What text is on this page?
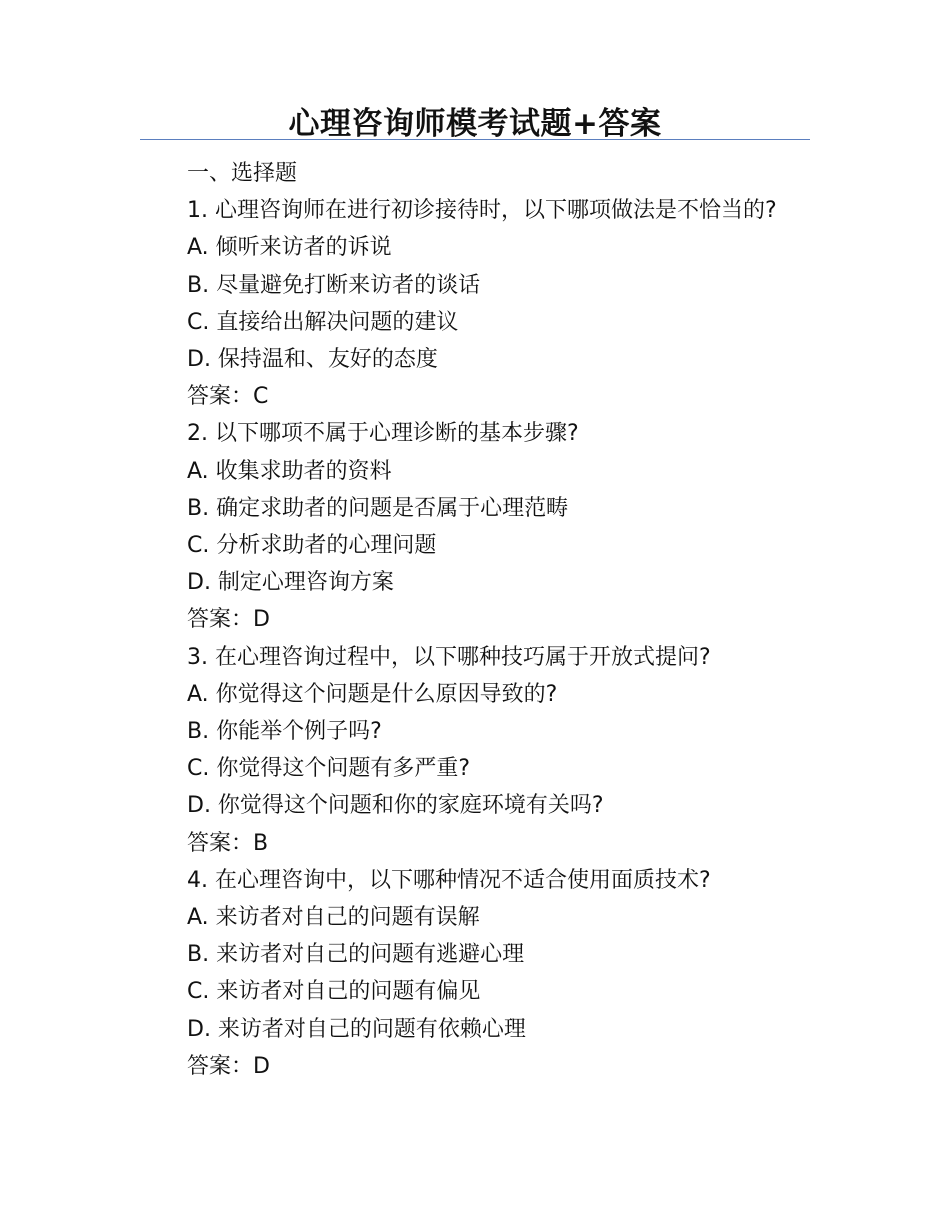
心理咨询师模考试题+答案
一、选择题
1. 心理咨询师在进行初诊接待时，以下哪项做法是不恰当的?
A. 倾听来访者的诉说
B. 尽量避免打断来访者的谈话
C. 直接给出解决问题的建议
D. 保持温和、友好的态度
答案：C
2. 以下哪项不属于心理诊断的基本步骤?
A. 收集求助者的资料
B. 确定求助者的问题是否属于心理范畴
C. 分析求助者的心理问题
D. 制定心理咨询方案
答案：D
3. 在心理咨询过程中，以下哪种技巧属于开放式提问?
A. 你觉得这个问题是什么原因导致的?
B. 你能举个例子吗?
C. 你觉得这个问题有多严重?
D. 你觉得这个问题和你的家庭环境有关吗?
答案：B
4. 在心理咨询中，以下哪种情况不适合使用面质技术?
A. 来访者对自己的问题有误解
B. 来访者对自己的问题有逃避心理
C. 来访者对自己的问题有偏见
D. 来访者对自己的问题有依赖心理
答案：D
